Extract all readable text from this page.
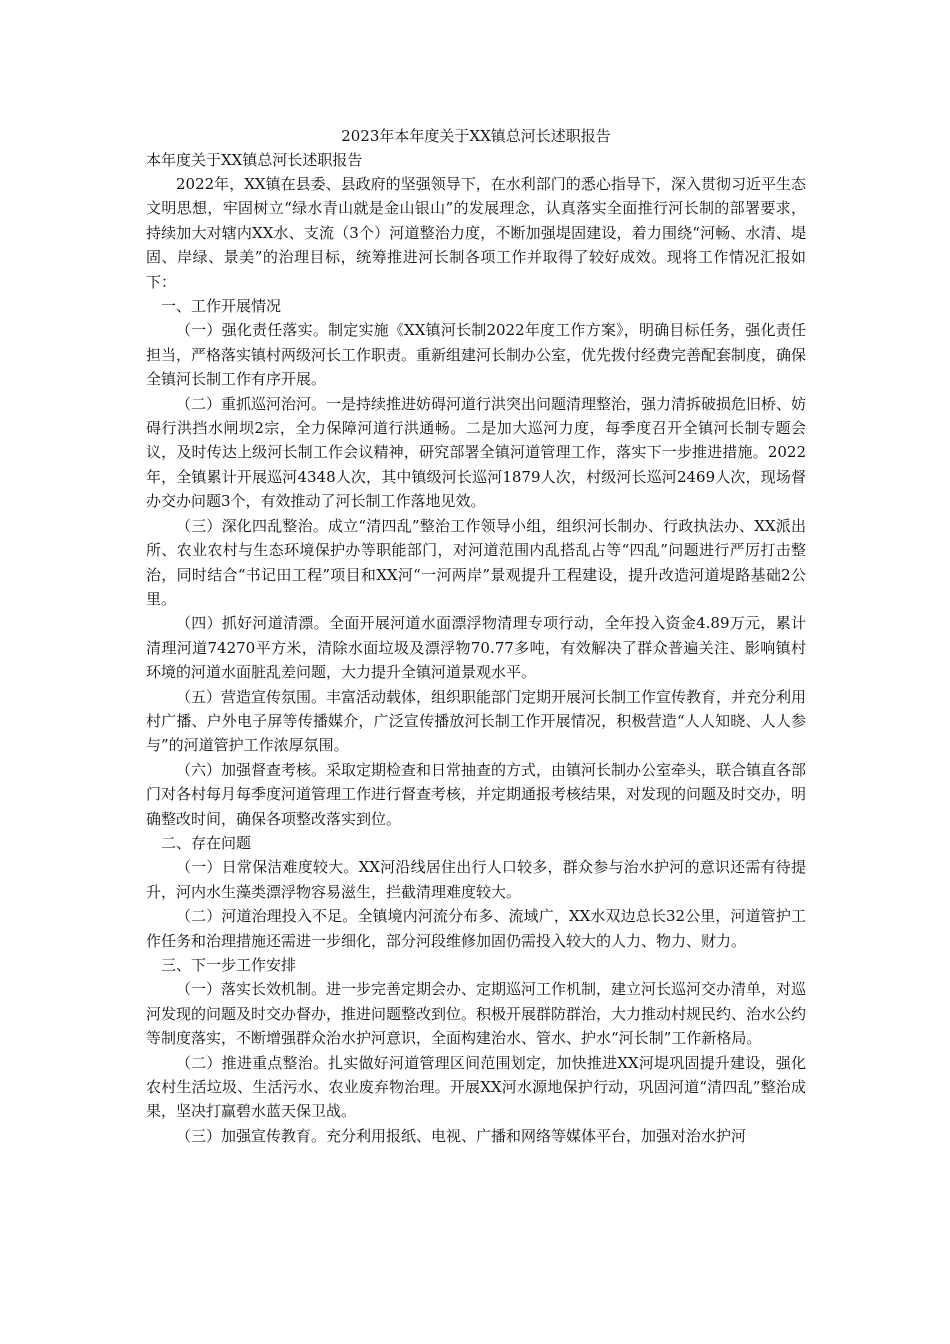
2023年本年度关于XX镇总河长述职报告

本年度关于XX镇总河长述职报告

2022年，XX镇在县委、县政府的坚强领导下，在水利部门的悉心指导下，深入贯彻习近平生态文明思想，牢固树立“绿水青山就是金山银山”的发展理念，认真落实全面推行河长制的部署要求，持续加大对辖内XX水、支流（3个）河道整治力度，不断加强堤固建设，着力围绕“河畅、水清、堤固、岸绿、景美”的治理目标，统筹推进河长制各项工作并取得了较好成效。现将工作情况汇报如下：

一、工作开展情况

（一）强化责任落实。制定实施《XX镇河长制2022年度工作方案》，明确目标任务，强化责任担当，严格落实镇村两级河长工作职责。重新组建河长制办公室，优先拨付经费完善配套制度，确保全镇河长制工作有序开展。

（二）重抓巡河治河。一是持续推进妨碍河道行洪突出问题清理整治，强力清拆破损危旧桥、妨碍行洪挡水闸坝2宗，全力保障河道行洪通畅。二是加大巡河力度，每季度召开全镇河长制专题会议，及时传达上级河长制工作会议精神，研究部署全镇河道管理工作，落实下一步推进措施。2022年，全镇累计开展巡河4348人次，其中镇级河长巡河1879人次，村级河长巡河2469人次，现场督办交办问题3个，有效推动了河长制工作落地见效。

（三）深化四乱整治。成立“清四乱”整治工作领导小组，组织河长制办、行政执法办、XX派出所、农业农村与生态环境保护办等职能部门，对河道范围内乱搭乱占等“四乱”问题进行严厉打击整治，同时结合“书记田工程”项目和XX河“一河两岸”景观提升工程建设，提升改造河道堤路基础2公里。

（四）抓好河道清漂。全面开展河道水面漂浮物清理专项行动，全年投入资金4.89万元，累计清理河道74270平方米，清除水面垃圾及漂浮物70.77多吨，有效解决了群众普遍关注、影响镇村环境的河道水面脏乱差问题，大力提升全镇河道景观水平。

（五）营造宣传氛围。丰富活动载体，组织职能部门定期开展河长制工作宣传教育，并充分利用村广播、户外电子屏等传播媒介，广泛宣传播放河长制工作开展情况，积极营造“人人知晓、人人参与”的河道管护工作浓厚氛围。

（六）加强督查考核。采取定期检查和日常抽查的方式，由镇河长制办公室牵头，联合镇直各部门对各村每月每季度河道管理工作进行督查考核，并定期通报考核结果，对发现的问题及时交办，明确整改时间，确保各项整改落实到位。

二、存在问题

（一）日常保洁难度较大。XX河沿线居住出行人口较多，群众参与治水护河的意识还需有待提升，河内水生藻类漂浮物容易滋生，拦截清理难度较大。

（二）河道治理投入不足。全镇境内河流分布多、流域广，XX水双边总长32公里，河道管护工作任务和治理措施还需进一步细化，部分河段维修加固仍需投入较大的人力、物力、财力。

三、下一步工作安排

（一）落实长效机制。进一步完善定期会办、定期巡河工作机制，建立河长巡河交办清单，对巡河发现的问题及时交办督办，推进问题整改到位。积极开展群防群治，大力推动村规民约、治水公约等制度落实，不断增强群众治水护河意识，全面构建治水、管水、护水“河长制”工作新格局。

（二）推进重点整治。扎实做好河道管理区间范围划定，加快推进XX河堤巩固提升建设，强化农村生活垃圾、生活污水、农业废弃物治理。开展XX河水源地保护行动，巩固河道“清四乱”整治成果，坚决打赢碧水蓝天保卫战。

（三）加强宣传教育。充分利用报纸、电视、广播和网络等媒体平台，加强对治水护河
